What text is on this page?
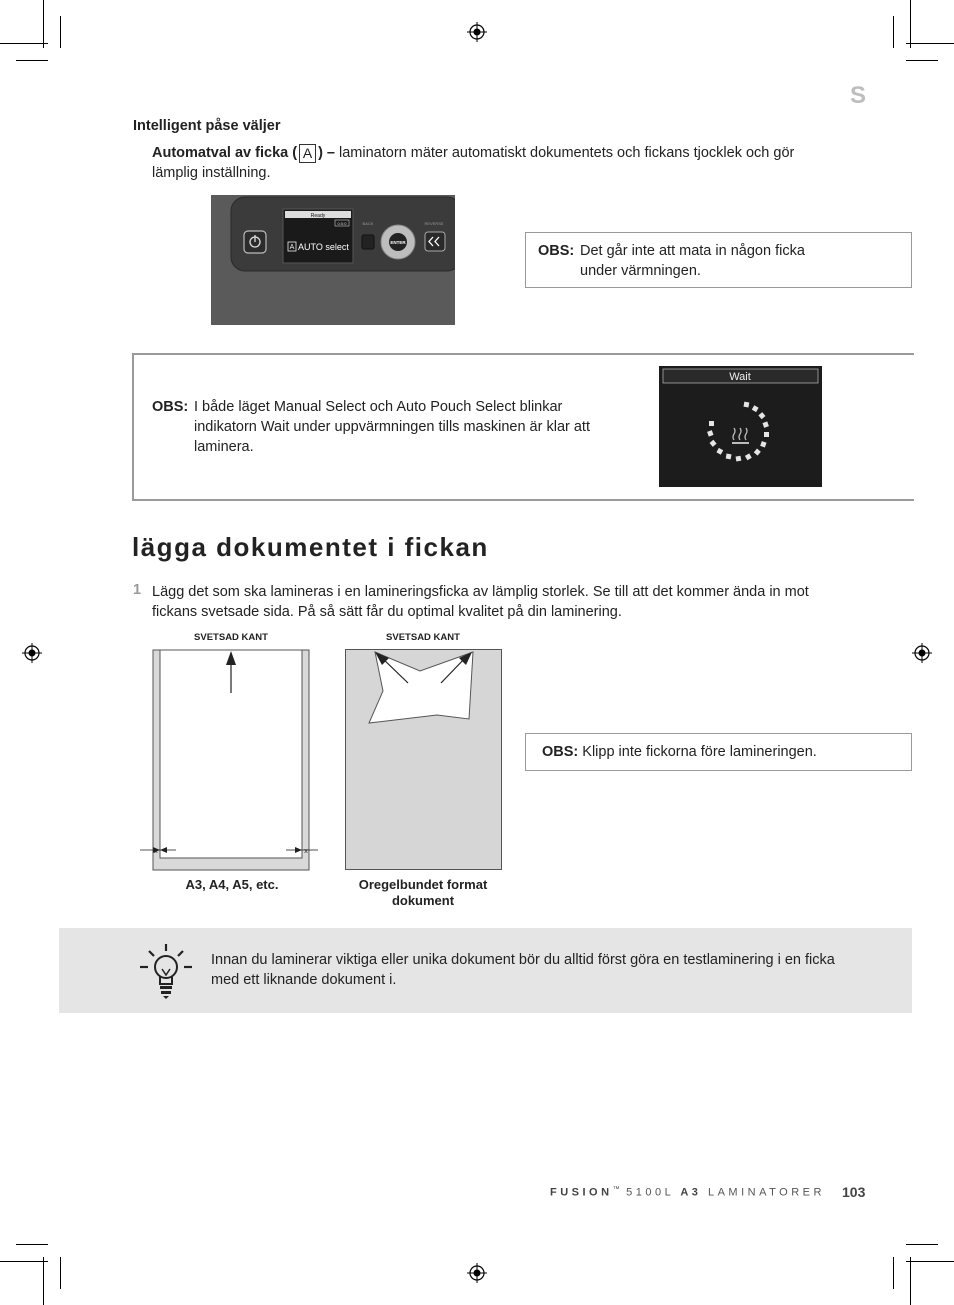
S
Intelligent påse väljer
Automatval av ficka ( A ) – laminatorn mäter automatiskt dokumentets och fickans tjocklek och gör lämplig inställning.
Ready
0:0:0
A AUTO select
BACK
ENTER
REVERSE
OBS: Det går inte att mata in någon ficka under värmningen.
OBS: I både läget Manual Select och Auto Pouch Select blinkar indikatorn Wait under uppvärmningen tills maskinen är klar att laminera.
Wait
lägga dokumentet i fickan
1 Lägg det som ska lamineras i en lamineringsficka av lämplig storlek. Se till att det kommer ända in mot fickans svetsade sida. På så sätt får du optimal kvalitet på din laminering.
SVETSAD KANT	SVETSAD KANT
x	x
A3, A4, A5, etc.	Oregelbundet format dokument
OBS: Klipp inte fickorna före lamineringen.
Innan du laminerar viktiga eller unika dokument bör du alltid först göra en testlaminering i en ficka med ett liknande dokument i.
FUSION™ 5100L A3 LAMINATORER 103
